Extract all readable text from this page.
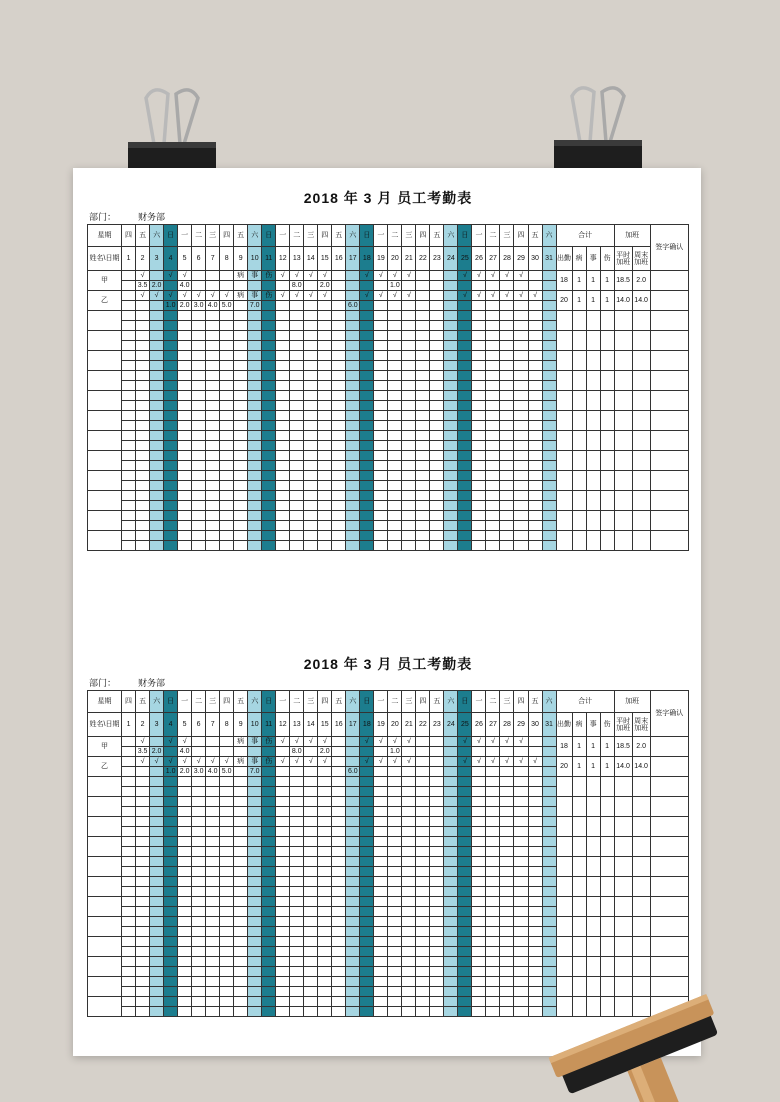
2018 年 3 月 员工考勤表
部门： 财务部
星期	四	五	六	日	一	二	三	四	五	六	日	一	二	三	四	五	六	日	一	二	三	四	五	六	日	一	二	三	四	五	六	合计				加班		签字确认
姓名\日期	1	2	3	4	5	6	7	8	9	10	11	12	13	14	15	16	17	18	19	20	21	22	23	24	25	26	27	28	29	30	31	出勤	病	事	伤	平时加班	周末加班	
甲		√		√	√				病	事	伤	√	√	√	√			√	√	√	√				√	√	√	√	√			18	1	1	1	18.5	2.0	
		3.5	2.0		4.0								8.0		2.0					1.0																		
乙		√	√	√	√	√	√	√	病	事	伤	√	√	√	√			√	√	√	√				√	√	√	√	√	√		20	1	1	1	14.0	14.0	
				1.0	2.0	3.0	4.0	5.0		7.0							6.0																					

2018 年 3 月 员工考勤表
部门： 财务部
星期	四	五	六	日	一	二	三	四	五	六	日	一	二	三	四	五	六	日	一	二	三	四	五	六	日	一	二	三	四	五	六	合计				加班		签字确认
姓名\日期	1	2	3	4	5	6	7	8	9	10	11	12	13	14	15	16	17	18	19	20	21	22	23	24	25	26	27	28	29	30	31	出勤	病	事	伤	平时加班	周末加班	
甲		√		√	√				病	事	伤	√	√	√	√			√	√	√	√				√	√	√	√	√			18	1	1	1	18.5	2.0	
		3.5	2.0		4.0								8.0		2.0					1.0																		
乙		√	√	√	√	√	√	√	病	事	伤	√	√	√	√			√	√	√	√				√	√	√	√	√	√		20	1	1	1	14.0	14.0	
				1.0	2.0	3.0	4.0	5.0		7.0							6.0																					
